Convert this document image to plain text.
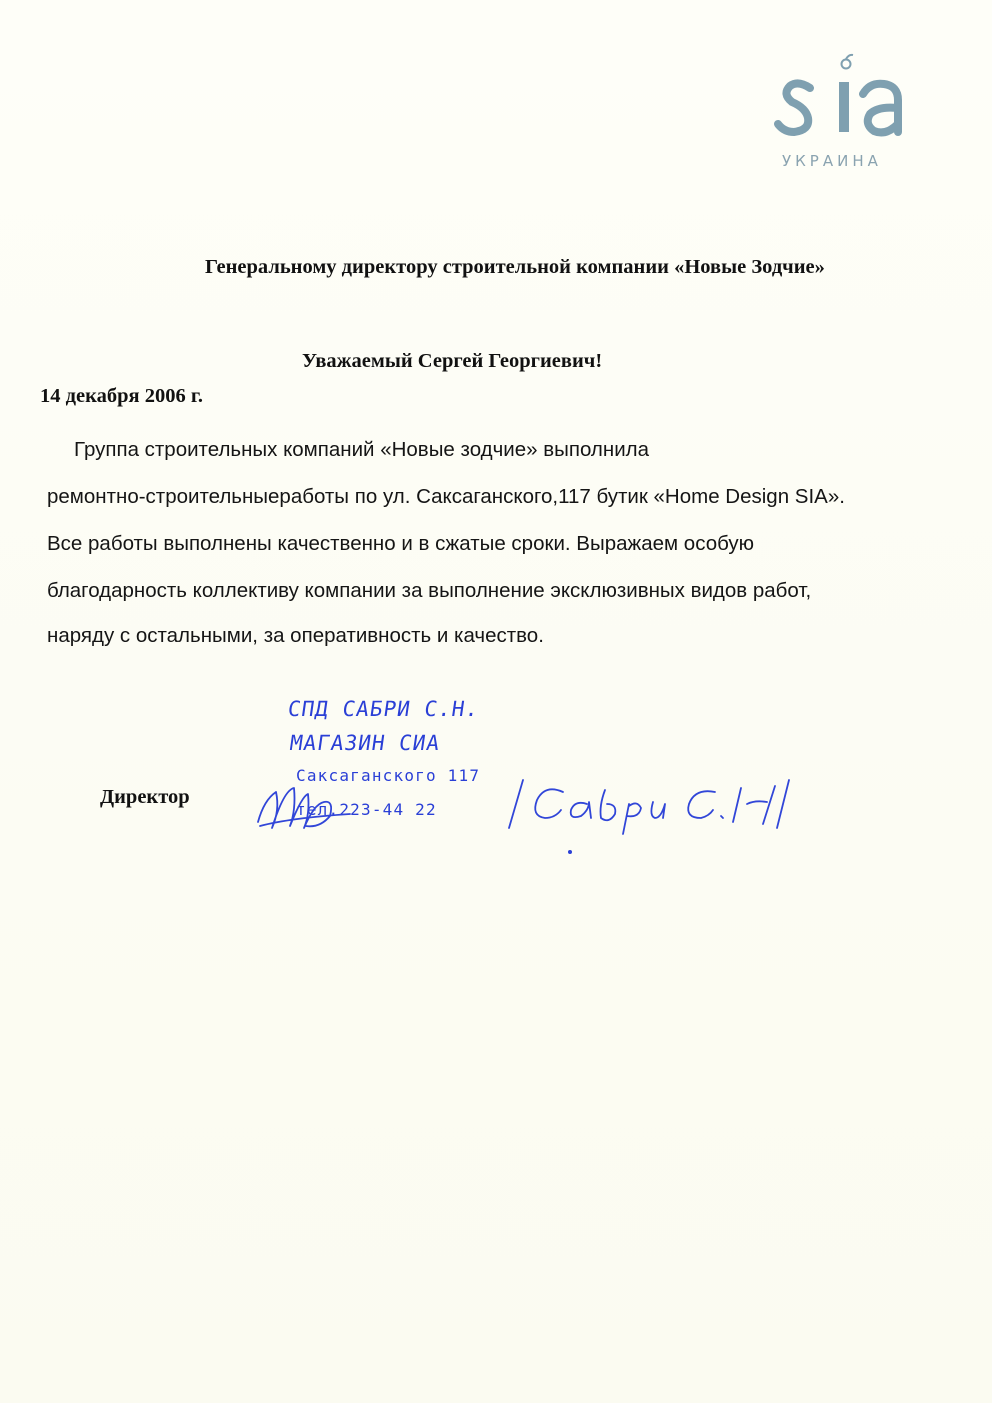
УКРАИНА
Генеральному директору строительной компании «Новые Зодчие»
Уважаемый Сергей Георгиевич!
14 декабря 2006 г.
Группа строительных компаний «Новые зодчие» выполнила
ремонтно-строительныеработы по ул. Саксаганского,117 бутик «Home Design SIA».
Все работы выполнены качественно и в сжатые сроки. Выражаем особую
благодарность коллективу компании за выполнение эксклюзивных видов работ,
наряду с остальными, за оперативность и качество.
СПД САБРИ С.Н.
МАГАЗИН СИА
Саксаганского 117
тел.223-44 22
Директор
